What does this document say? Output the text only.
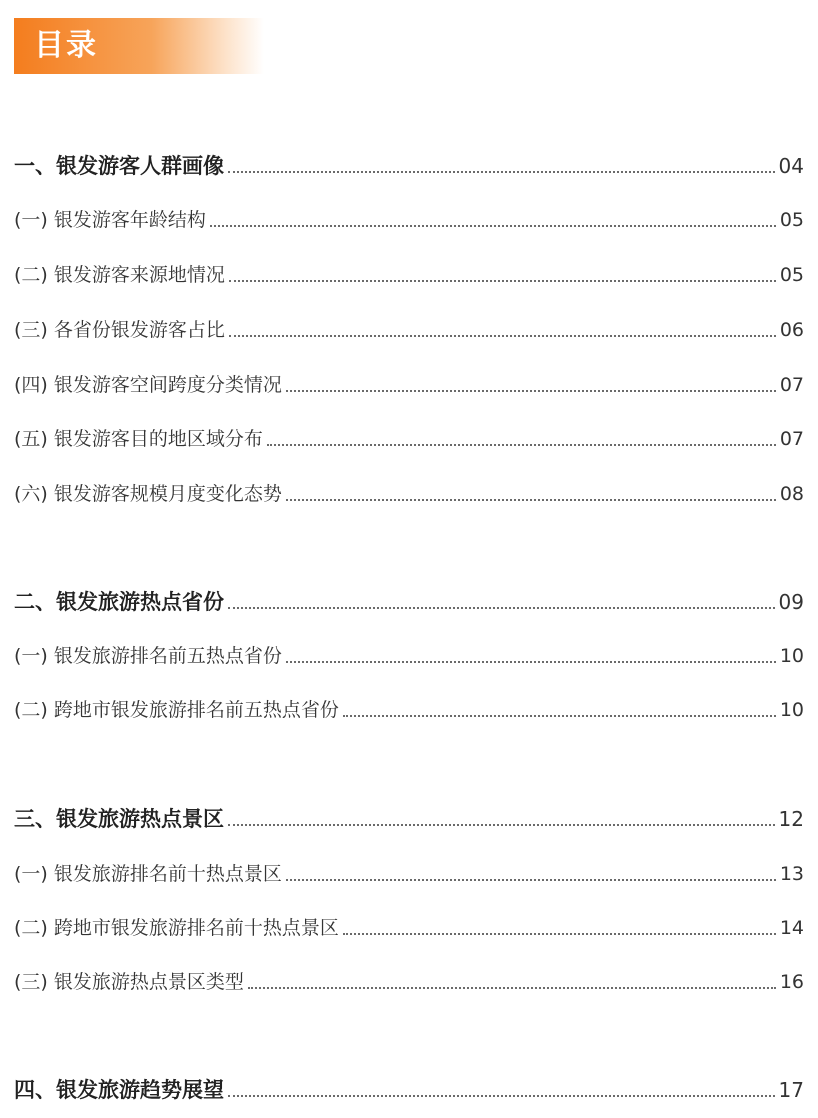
目录
一、银发游客人群画像	04
(一) 银发游客年龄结构	05
(二) 银发游客来源地情况	05
(三) 各省份银发游客占比	06
(四) 银发游客空间跨度分类情况	07
(五) 银发游客目的地区域分布	07
(六) 银发游客规模月度变化态势	08
二、银发旅游热点省份	09
(一) 银发旅游排名前五热点省份	10
(二) 跨地市银发旅游排名前五热点省份	10
三、银发旅游热点景区	12
(一) 银发旅游排名前十热点景区	13
(二) 跨地市银发旅游排名前十热点景区	14
(三) 银发旅游热点景区类型	16
四、银发旅游趋势展望	17
